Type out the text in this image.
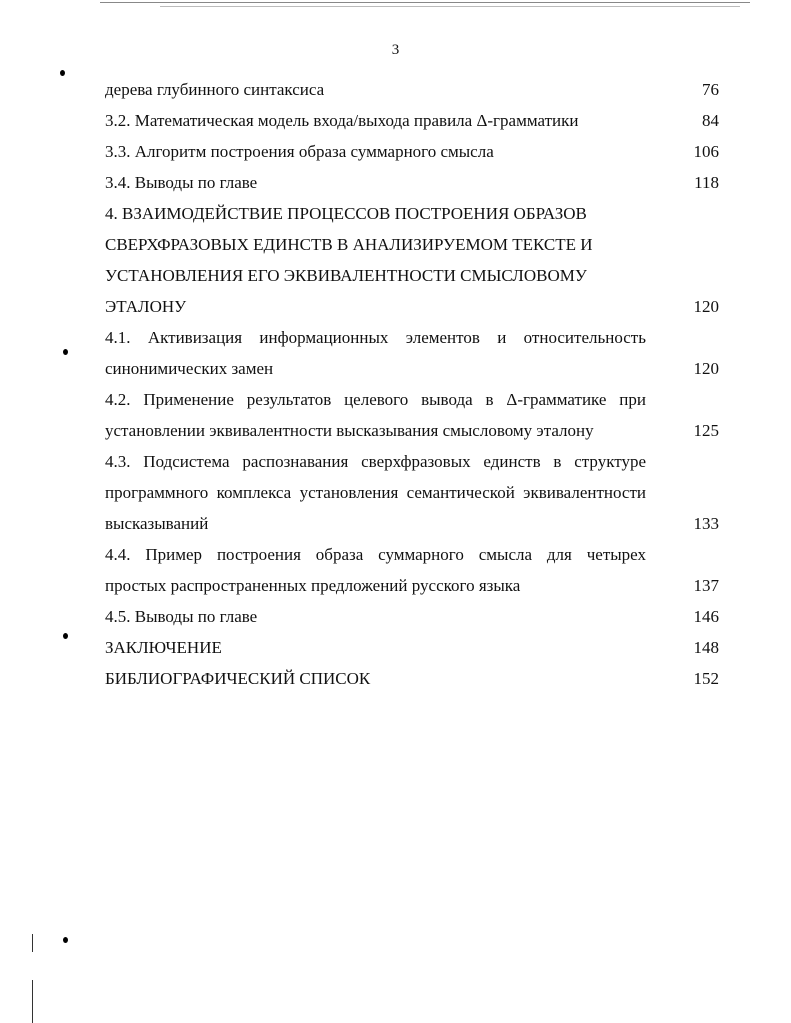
3
дерева глубинного синтаксиса	76
3.2. Математическая модель входа/выхода правила Δ-грамматики	84
3.3. Алгоритм построения образа суммарного смысла	106
3.4. Выводы по главе	118
4. ВЗАИМОДЕЙСТВИЕ ПРОЦЕССОВ ПОСТРОЕНИЯ ОБРАЗОВ
СВЕРХФРАЗОВЫХ ЕДИНСТВ В АНАЛИЗИРУЕМОМ ТЕКСТЕ И
УСТАНОВЛЕНИЯ ЕГО ЭКВИВАЛЕНТНОСТИ СМЫСЛОВОМУ
ЭТАЛОНУ	120
4.1. Активизация информационных элементов и относительность
синонимических замен	120
4.2. Применение результатов целевого вывода в Δ-грамматике при
установлении эквивалентности высказывания смысловому эталону	125
4.3. Подсистема распознавания сверхфразовых единств в структуре
программного комплекса установления семантической эквивалентности
высказываний	133
4.4. Пример построения образа суммарного смысла для четырех
простых распространенных предложений русского языка	137
4.5. Выводы по главе	146
ЗАКЛЮЧЕНИЕ	148
БИБЛИОГРАФИЧЕСКИЙ СПИСОК	152
